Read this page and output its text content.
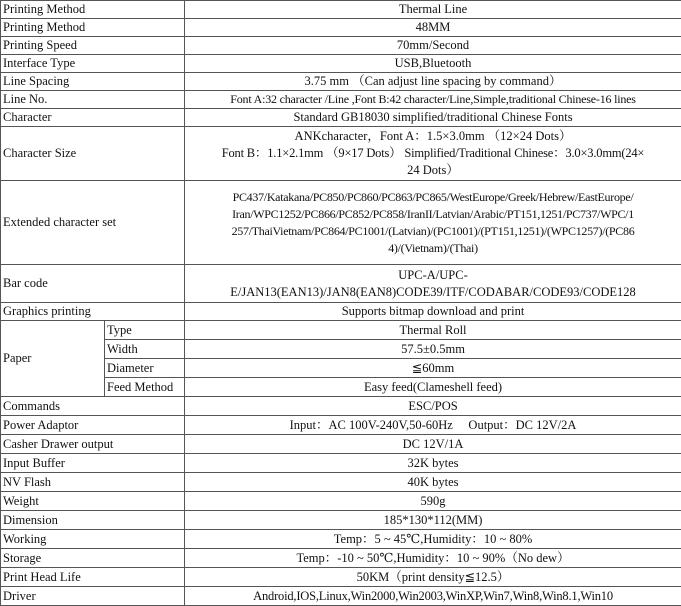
Printing Method		Thermal Line
Printing Method		48MM
Printing Speed		70mm/Second
Interface Type		USB,Bluetooth
Line Spacing		3.75 mm （Can adjust line spacing by command）
Line No.		Font A:32 character /Line ,Font B:42 character/Line,Simple,traditional Chinese-16 lines
Character		Standard GB18030 simplified/traditional Chinese Fonts
Character Size		ANKcharacter，Font A：1.5×3.0mm （12×24 Dots）
Font B：1.1×2.1mm （9×17 Dots） Simplified/Traditional Chinese：3.0×3.0mm(24×
24 Dots）

Extended character set		PC437/Katakana/PC850/PC860/PC863/PC865/WestEurope/Greek/Hebrew/EastEurope/
Iran/WPC1252/PC866/PC852/PC858/IranII/Latvian/Arabic/PT151,1251/PC737/WPC/1
257/ThaiVietnam/PC864/PC1001/(Latvian)/(PC1001)/(PT151,1251)/(WPC1257)/(PC86
4)/(Vietnam)/(Thai)

Bar code		UPC-A/UPC-
E/JAN13(EAN13)/JAN8(EAN8)CODE39/ITF/CODABAR/CODE93/CODE128

Graphics printing		Supports bitmap download and print
Paper	Type	Thermal Roll
	Width	57.5±0.5mm
	Diameter	≦60mm
	Feed Method	Easy feed(Clameshell feed)
Commands		ESC/POS
Power Adaptor		Input：AC 100V-240V,50-60Hz　 Output：DC 12V/2A
Casher Drawer output		DC 12V/1A
Input Buffer		32K bytes
NV Flash		40K bytes
Weight		590g
Dimension		185*130*112(MM)
Working		Temp：5 ~ 45℃,Humidity：10 ~ 80%
Storage		Temp：-10 ~ 50℃,Humidity：10 ~ 90%（No dew）
Print Head Life		50KM（print density≦12.5）
Driver		Android,IOS,Linux,Win2000,Win2003,WinXP,Win7,Win8,Win8.1,Win10
